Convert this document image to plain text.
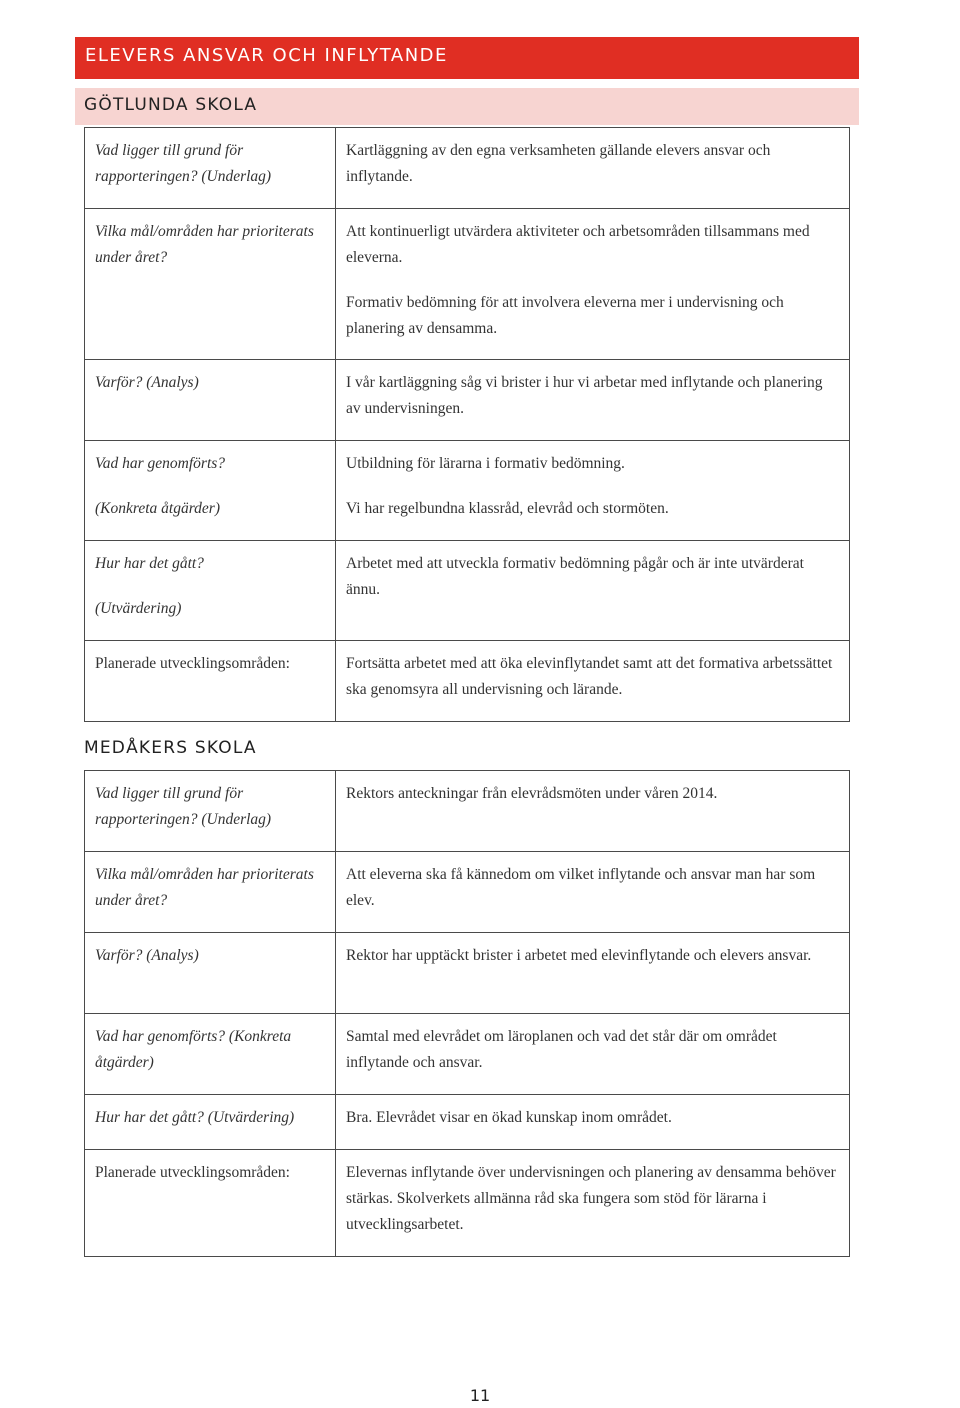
ELEVERS ANSVAR OCH INFLYTANDE
GÖTLUNDA SKOLA
Vad ligger till grund för rapporteringen? (Underlag)	Kartläggning av den egna verksamheten gällande elevers ansvar och inflytande.

Vilka mål/områden har prioriterats under året?	Att kontinuerligt utvärdera aktiviteter och arbetsområden tillsammans med eleverna.
Formativ bedömning för att involvera eleverna mer i undervisning och planering av densamma.

Varför? (Analys)	I vår kartläggning såg vi brister i hur vi arbetar med inflytande och planering av undervisningen.

Vad har genomförts?
(Konkreta åtgärder)	Utbildning för lärarna i formativ bedömning.
Vi har regelbundna klassråd, elevråd och stormöten.

Hur har det gått?
(Utvärdering)	Arbetet med att utveckla formativ bedömning pågår och är inte utvärderat ännu.

Planerade utvecklingsområden:	Fortsätta arbetet med att öka elevinflytandet samt att det formativa arbetssättet ska genomsyra all undervisning och lärande.
MEDÅKERS SKOLA
Vad ligger till grund för rapporteringen? (Underlag)	Rektors anteckningar från elevrådsmöten under våren 2014.

Vilka mål/områden har prioriterats under året?	Att eleverna ska få kännedom om vilket inflytande och ansvar man har som elev.

Varför? (Analys)	Rektor har upptäckt brister i arbetet med elevinflytande och elevers ansvar.

Vad har genomförts? (Konkreta åtgärder)	Samtal med elevrådet om läroplanen och vad det står där om området inflytande och ansvar.

Hur har det gått? (Utvärdering)	Bra. Elevrådet visar en ökad kunskap inom området.

Planerade utvecklingsområden:	Elevernas inflytande över undervisningen och planering av densamma behöver stärkas. Skolverkets allmänna råd ska fungera som stöd för lärarna i utvecklingsarbetet.
11
